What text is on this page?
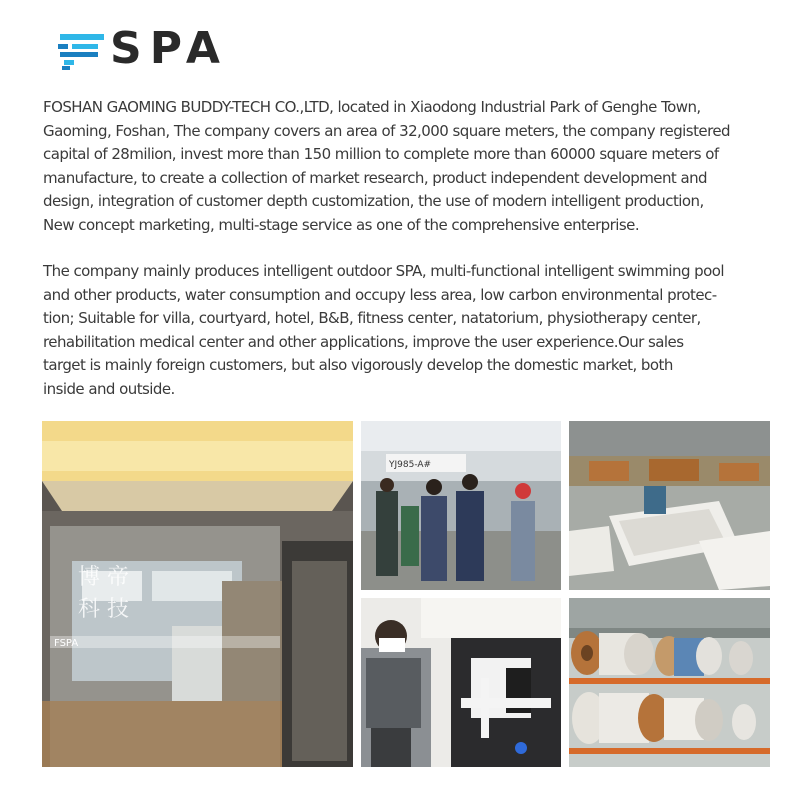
SPA
FOSHAN GAOMING BUDDY-TECH CO.,LTD, located in Xiaodong Industrial Park of Genghe Town,
Gaoming, Foshan, The company covers an area of 32,000 square meters, the company registered
capital of 28milion, invest more than 150 million to complete more than 60000 square meters of
manufacture, to create a collection of market research, product independent development and
design, integration of customer depth customization, the use of modern intelligent production,
New concept marketing, multi-stage service as one of the comprehensive enterprise.
The company mainly produces intelligent outdoor SPA, multi-functional intelligent swimming pool
and other products, water consumption and occupy less area, low carbon environmental protec-
tion; Suitable for villa, courtyard, hotel, B&B, fitness center, natatorium, physiotherapy center,
rehabilitation medical center and other applications, improve the user experience.Our sales
target is mainly foreign customers, but also vigorously develop the domestic market, both
inside and outside.
博 帝
科 技
FSPA
YJ985-A#
